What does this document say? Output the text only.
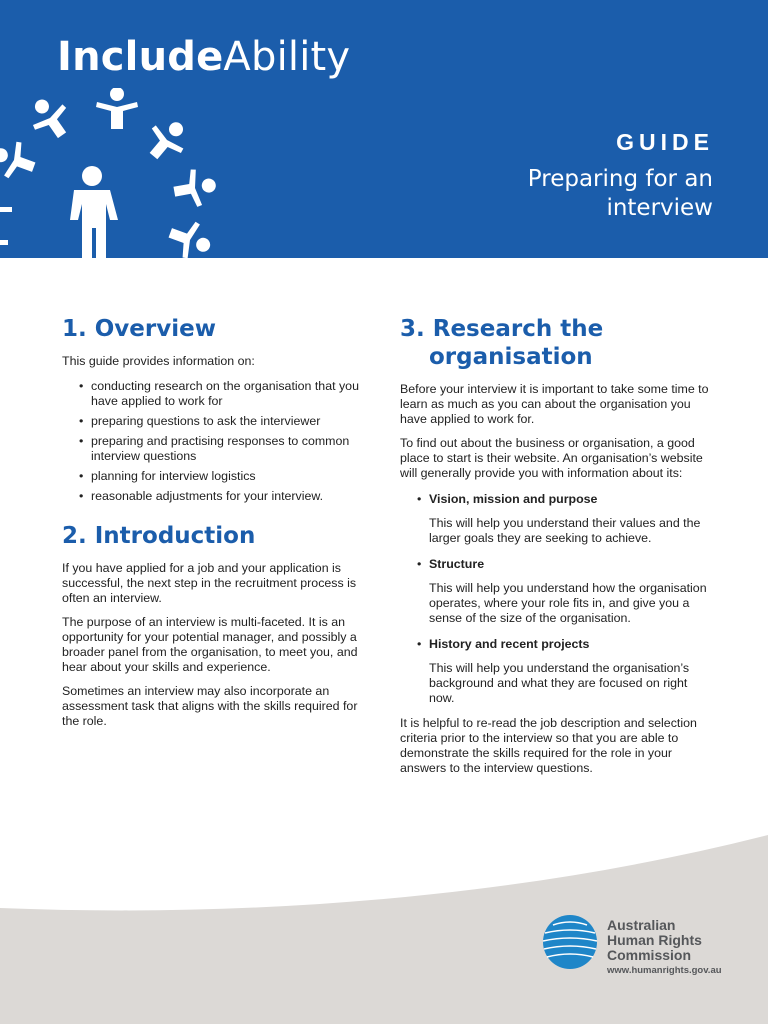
IncludeAbility
GUIDE
Preparing for an interview
1. Overview

This guide provides information on:

• conducting research on the organisation that you have applied to work for
• preparing questions to ask the interviewer
• preparing and practising responses to common interview questions
• planning for interview logistics
• reasonable adjustments for your interview.
2. Introduction

If you have applied for a job and your application is successful, the next step in the recruitment process is often an interview.

The purpose of an interview is multi-faceted. It is an opportunity for your potential manager, and possibly a broader panel from the organisation, to meet you, and hear about your skills and experience.

Sometimes an interview may also incorporate an assessment task that aligns with the skills required for the role.

3. Research the
organisation

Before your interview it is important to take some time to learn as much as you can about the organisation you have applied to work for.

To find out about the business or organisation, a good place to start is their website. An organisation’s website will generally provide you with information about its:

• Vision, mission and purpose

This will help you understand their values and the larger goals they are seeking to achieve.

• Structure

This will help you understand how the organisation operates, where your role fits in, and give you a sense of the size of the organisation.

• History and recent projects

This will help you understand the organisation’s background and what they are focused on right now.

It is helpful to re-read the job description and selection criteria prior to the interview so that you are able to demonstrate the skills required for the role in your answers to the interview questions.

Australian
Human Rights
Commission
www.humanrights.gov.au
